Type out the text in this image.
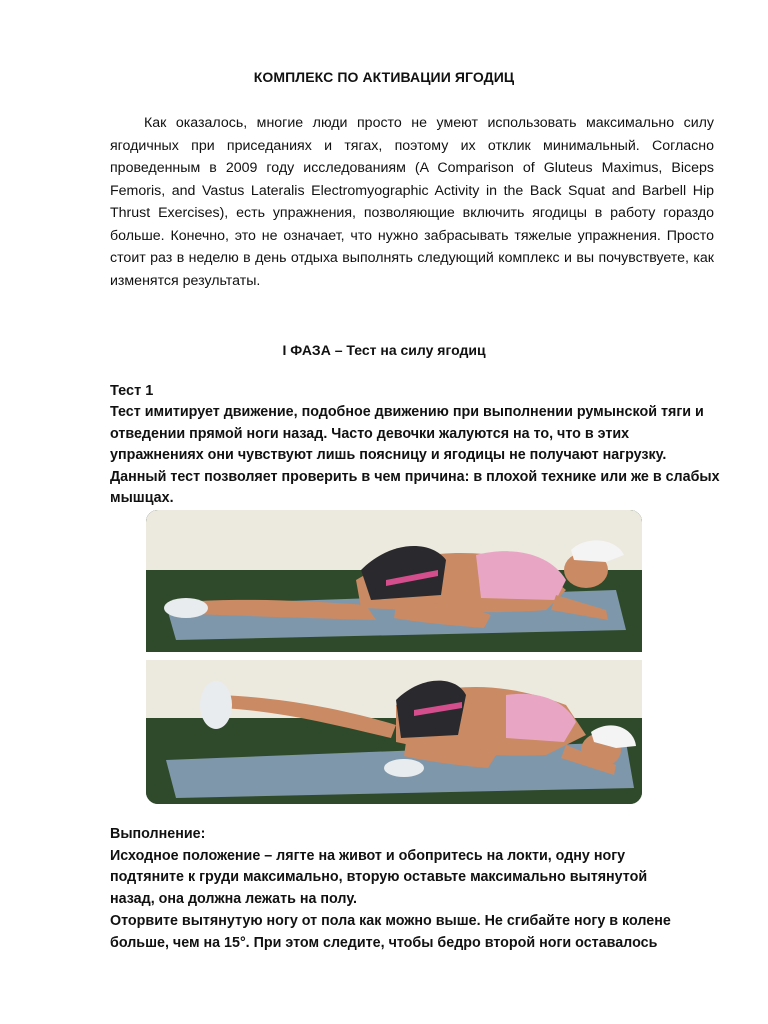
КОМПЛЕКС ПО АКТИВАЦИИ ЯГОДИЦ

Как оказалось, многие люди просто не умеют использовать максимально силу ягодичных при приседаниях и тягах, поэтому их отклик минимальный. Согласно проведенным в 2009 году исследованиям (A Comparison of Gluteus Maximus, Biceps Femoris, and Vastus Lateralis Electromyographic Activity in the Back Squat and Barbell Hip Thrust Exercises), есть упражнения, позволяющие включить ягодицы в работу гораздо больше. Конечно, это не означает, что нужно забрасывать тяжелые упражнения. Просто стоит раз в неделю в день отдыха выполнять следующий комплекс и вы почувствуете, как изменятся результаты.

I ФАЗА – Тест на силу ягодиц
Тест 1

Тест имитирует движение, подобное движению при выполнении румынской тяги и отведении прямой ноги назад. Часто девочки жалуются на то, что в этих упражнениях они чувствуют лишь поясницу и ягодицы не получают нагрузку. Данный тест позволяет проверить в чем причина: в плохой технике или же в слабых мышцах.

Выполнение:
Исходное положение – лягте на живот и обопритесь на локти, одну ногу
подтяните к груди максимально, вторую оставьте максимально вытянутой
назад, она должна лежать на полу.
Оторвите вытянутую ногу от пола как можно выше. Не сгибайте ногу в колене
больше, чем на 15°. При этом следите, чтобы бедро второй ноги оставалось
